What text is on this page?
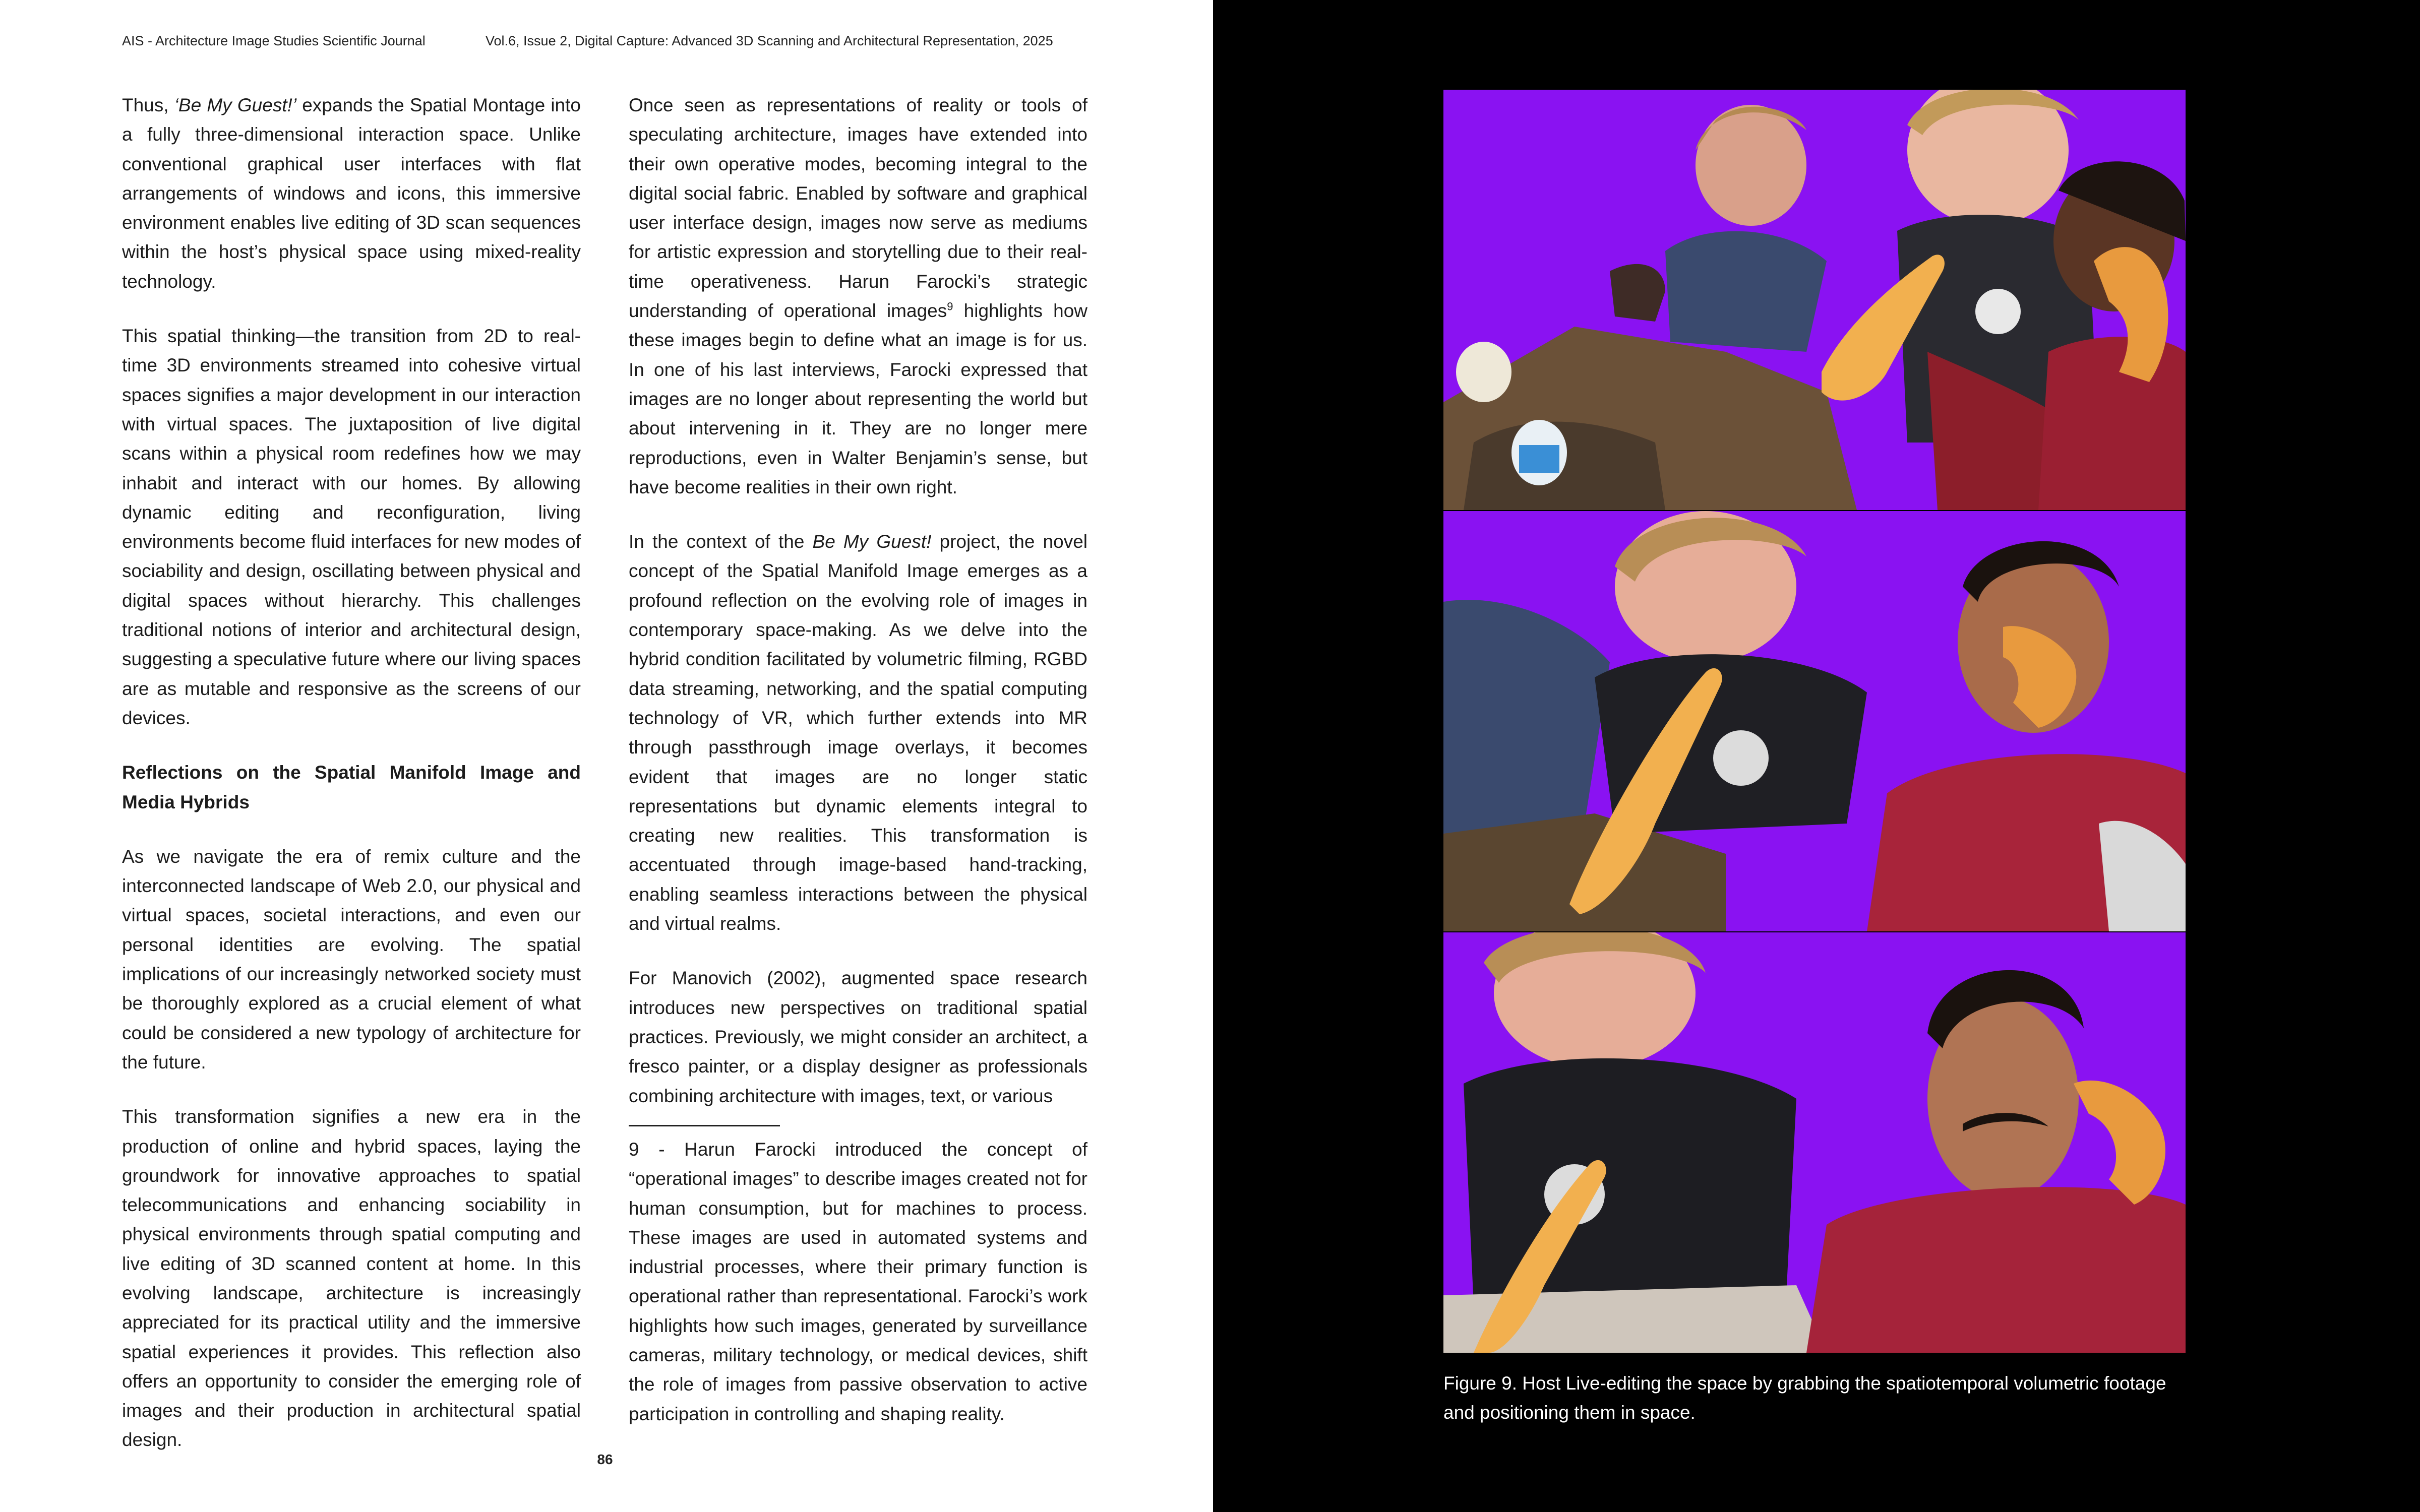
AIS - Architecture Image Studies Scientific Journal	Vol.6, Issue 2, Digital Capture: Advanced 3D Scanning and Architectural Representation, 2025

Thus, ‘Be My Guest!’ expands the Spatial Montage into a fully three-dimensional interaction space. Unlike conventional graphical user interfaces with flat arrangements of windows and icons, this immersive environment enables live editing of 3D scan sequences within the host’s physical space using mixed-reality technology.

This spatial thinking—the transition from 2D to real-time 3D environments streamed into cohesive virtual spaces signifies a major development in our interaction with virtual spaces. The juxtaposition of live digital scans within a physical room redefines how we may inhabit and interact with our homes. By allowing dynamic editing and reconfiguration, living environments become fluid interfaces for new modes of sociability and design, oscillating between physical and digital spaces without hierarchy. This challenges traditional notions of interior and architectural design, suggesting a speculative future where our living spaces are as mutable and responsive as the screens of our devices.

Reflections on the Spatial Manifold Image and Media Hybrids

As we navigate the era of remix culture and the interconnected landscape of Web 2.0, our physical and virtual spaces, societal interactions, and even our personal identities are evolving. The spatial implications of our increasingly networked society must be thoroughly explored as a crucial element of what could be considered a new typology of architecture for the future.

This transformation signifies a new era in the production of online and hybrid spaces, laying the groundwork for innovative approaches to spatial telecommunications and enhancing sociability in physical environments through spatial computing and live editing of 3D scanned content at home. In this evolving landscape, architecture is increasingly appreciated for its practical utility and the immersive spatial experiences it provides. This reflection also offers an opportunity to consider the emerging role of images and their production in architectural spatial design.

Once seen as representations of reality or tools of speculating architecture, images have extended into their own operative modes, becoming integral to the digital social fabric. Enabled by software and graphical user interface design, images now serve as mediums for artistic expression and storytelling due to their real-time operativeness. Harun Farocki’s strategic understanding of operational images$^9$ highlights how these images begin to define what an image is for us. In one of his last interviews, Farocki expressed that images are no longer about representing the world but about intervening in it. They are no longer mere reproductions, even in Walter Benjamin’s sense, but have become realities in their own right.

In the context of the Be My Guest! project, the novel concept of the Spatial Manifold Image emerges as a profound reflection on the evolving role of images in contemporary space-making. As we delve into the hybrid condition facilitated by volumetric filming, RGBD data streaming, networking, and the spatial computing technology of VR, which further extends into MR through passthrough image overlays, it becomes evident that images are no longer static representations but dynamic elements integral to creating new realities. This transformation is accentuated through image-based hand-tracking, enabling seamless interactions between the physical and virtual realms.

For Manovich (2002), augmented space research introduces new perspectives on traditional spatial practices. Previously, we might consider an architect, a fresco painter, or a display designer as professionals combining architecture with images, text, or various

9 - Harun Farocki introduced the concept of “operational images” to describe images created not for human consumption, but for machines to process. These images are used in automated systems and industrial processes, where their primary function is operational rather than representational. Farocki’s work highlights how such images, generated by surveillance cameras, military technology, or medical devices, shift the role of images from passive observation to active participation in controlling and shaping reality.
86
Figure 9. Host Live-editing the space by grabbing the spatiotemporal volumetric footage and positioning them in space.
